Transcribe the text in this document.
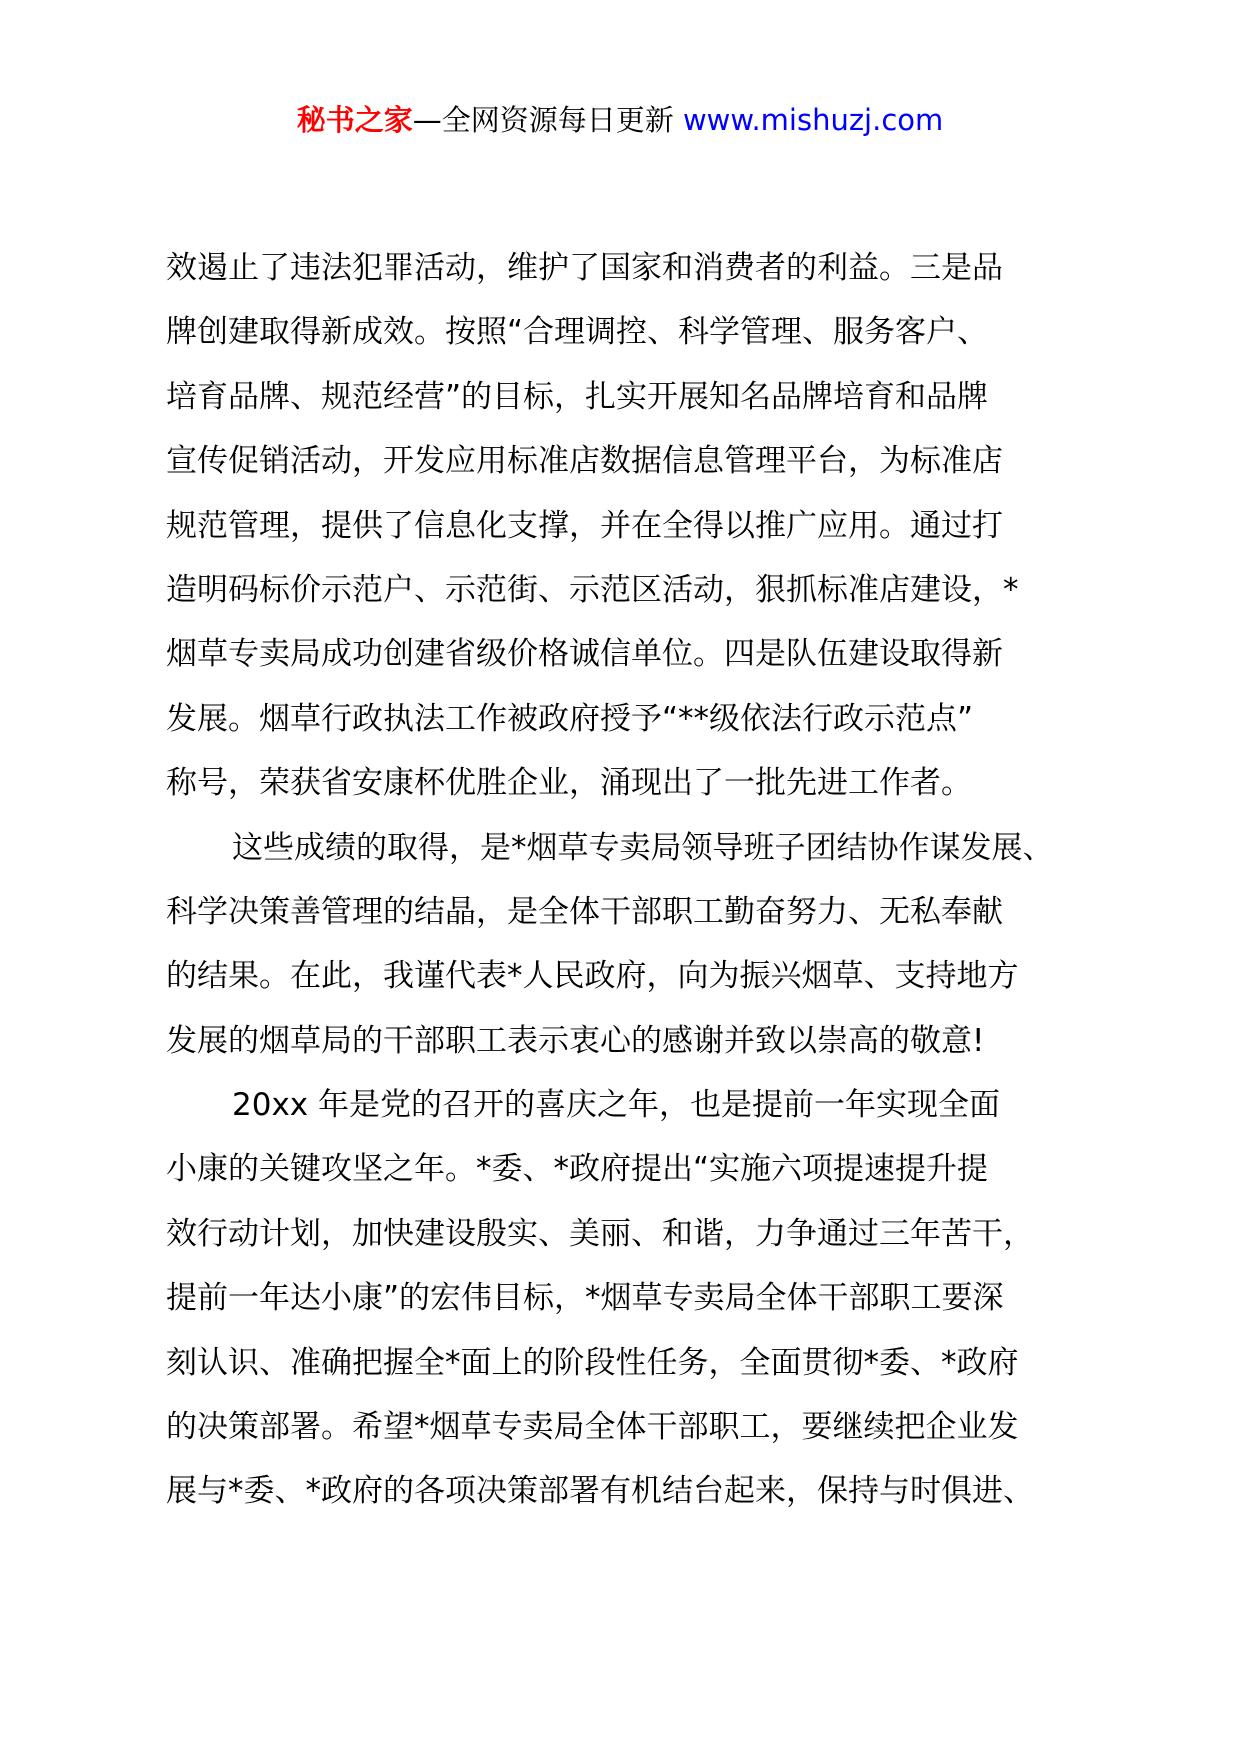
秘书之家—全网资源每日更新 www.mishuzj.com
效遏止了违法犯罪活动，维护了国家和消费者的利益。三是品
牌创建取得新成效。按照“合理调控、科学管理、服务客户、
培育品牌、规范经营”的目标，扎实开展知名品牌培育和品牌
宣传促销活动，开发应用标准店数据信息管理平台，为标准店
规范管理，提供了信息化支撑，并在全得以推广应用。通过打
造明码标价示范户、示范街、示范区活动，狠抓标准店建设，*
烟草专卖局成功创建省级价格诚信单位。四是队伍建设取得新
发展。烟草行政执法工作被政府授予“**级依法行政示范点”
称号，荣获省安康杯优胜企业，涌现出了一批先进工作者。
这些成绩的取得，是*烟草专卖局领导班子团结协作谋发展、
科学决策善管理的结晶，是全体干部职工勤奋努力、无私奉献
的结果。在此，我谨代表*人民政府，向为振兴烟草、支持地方
发展的烟草局的干部职工表示衷心的感谢并致以崇高的敬意!
20xx 年是党的召开的喜庆之年，也是提前一年实现全面
小康的关键攻坚之年。*委、*政府提出“实施六项提速提升提
效行动计划，加快建设殷实、美丽、和谐，力争通过三年苦干，
提前一年达小康”的宏伟目标，*烟草专卖局全体干部职工要深
刻认识、准确把握全*面上的阶段性任务，全面贯彻*委、*政府
的决策部署。希望*烟草专卖局全体干部职工，要继续把企业发
展与*委、*政府的各项决策部署有机结台起来，保持与时俱进、
